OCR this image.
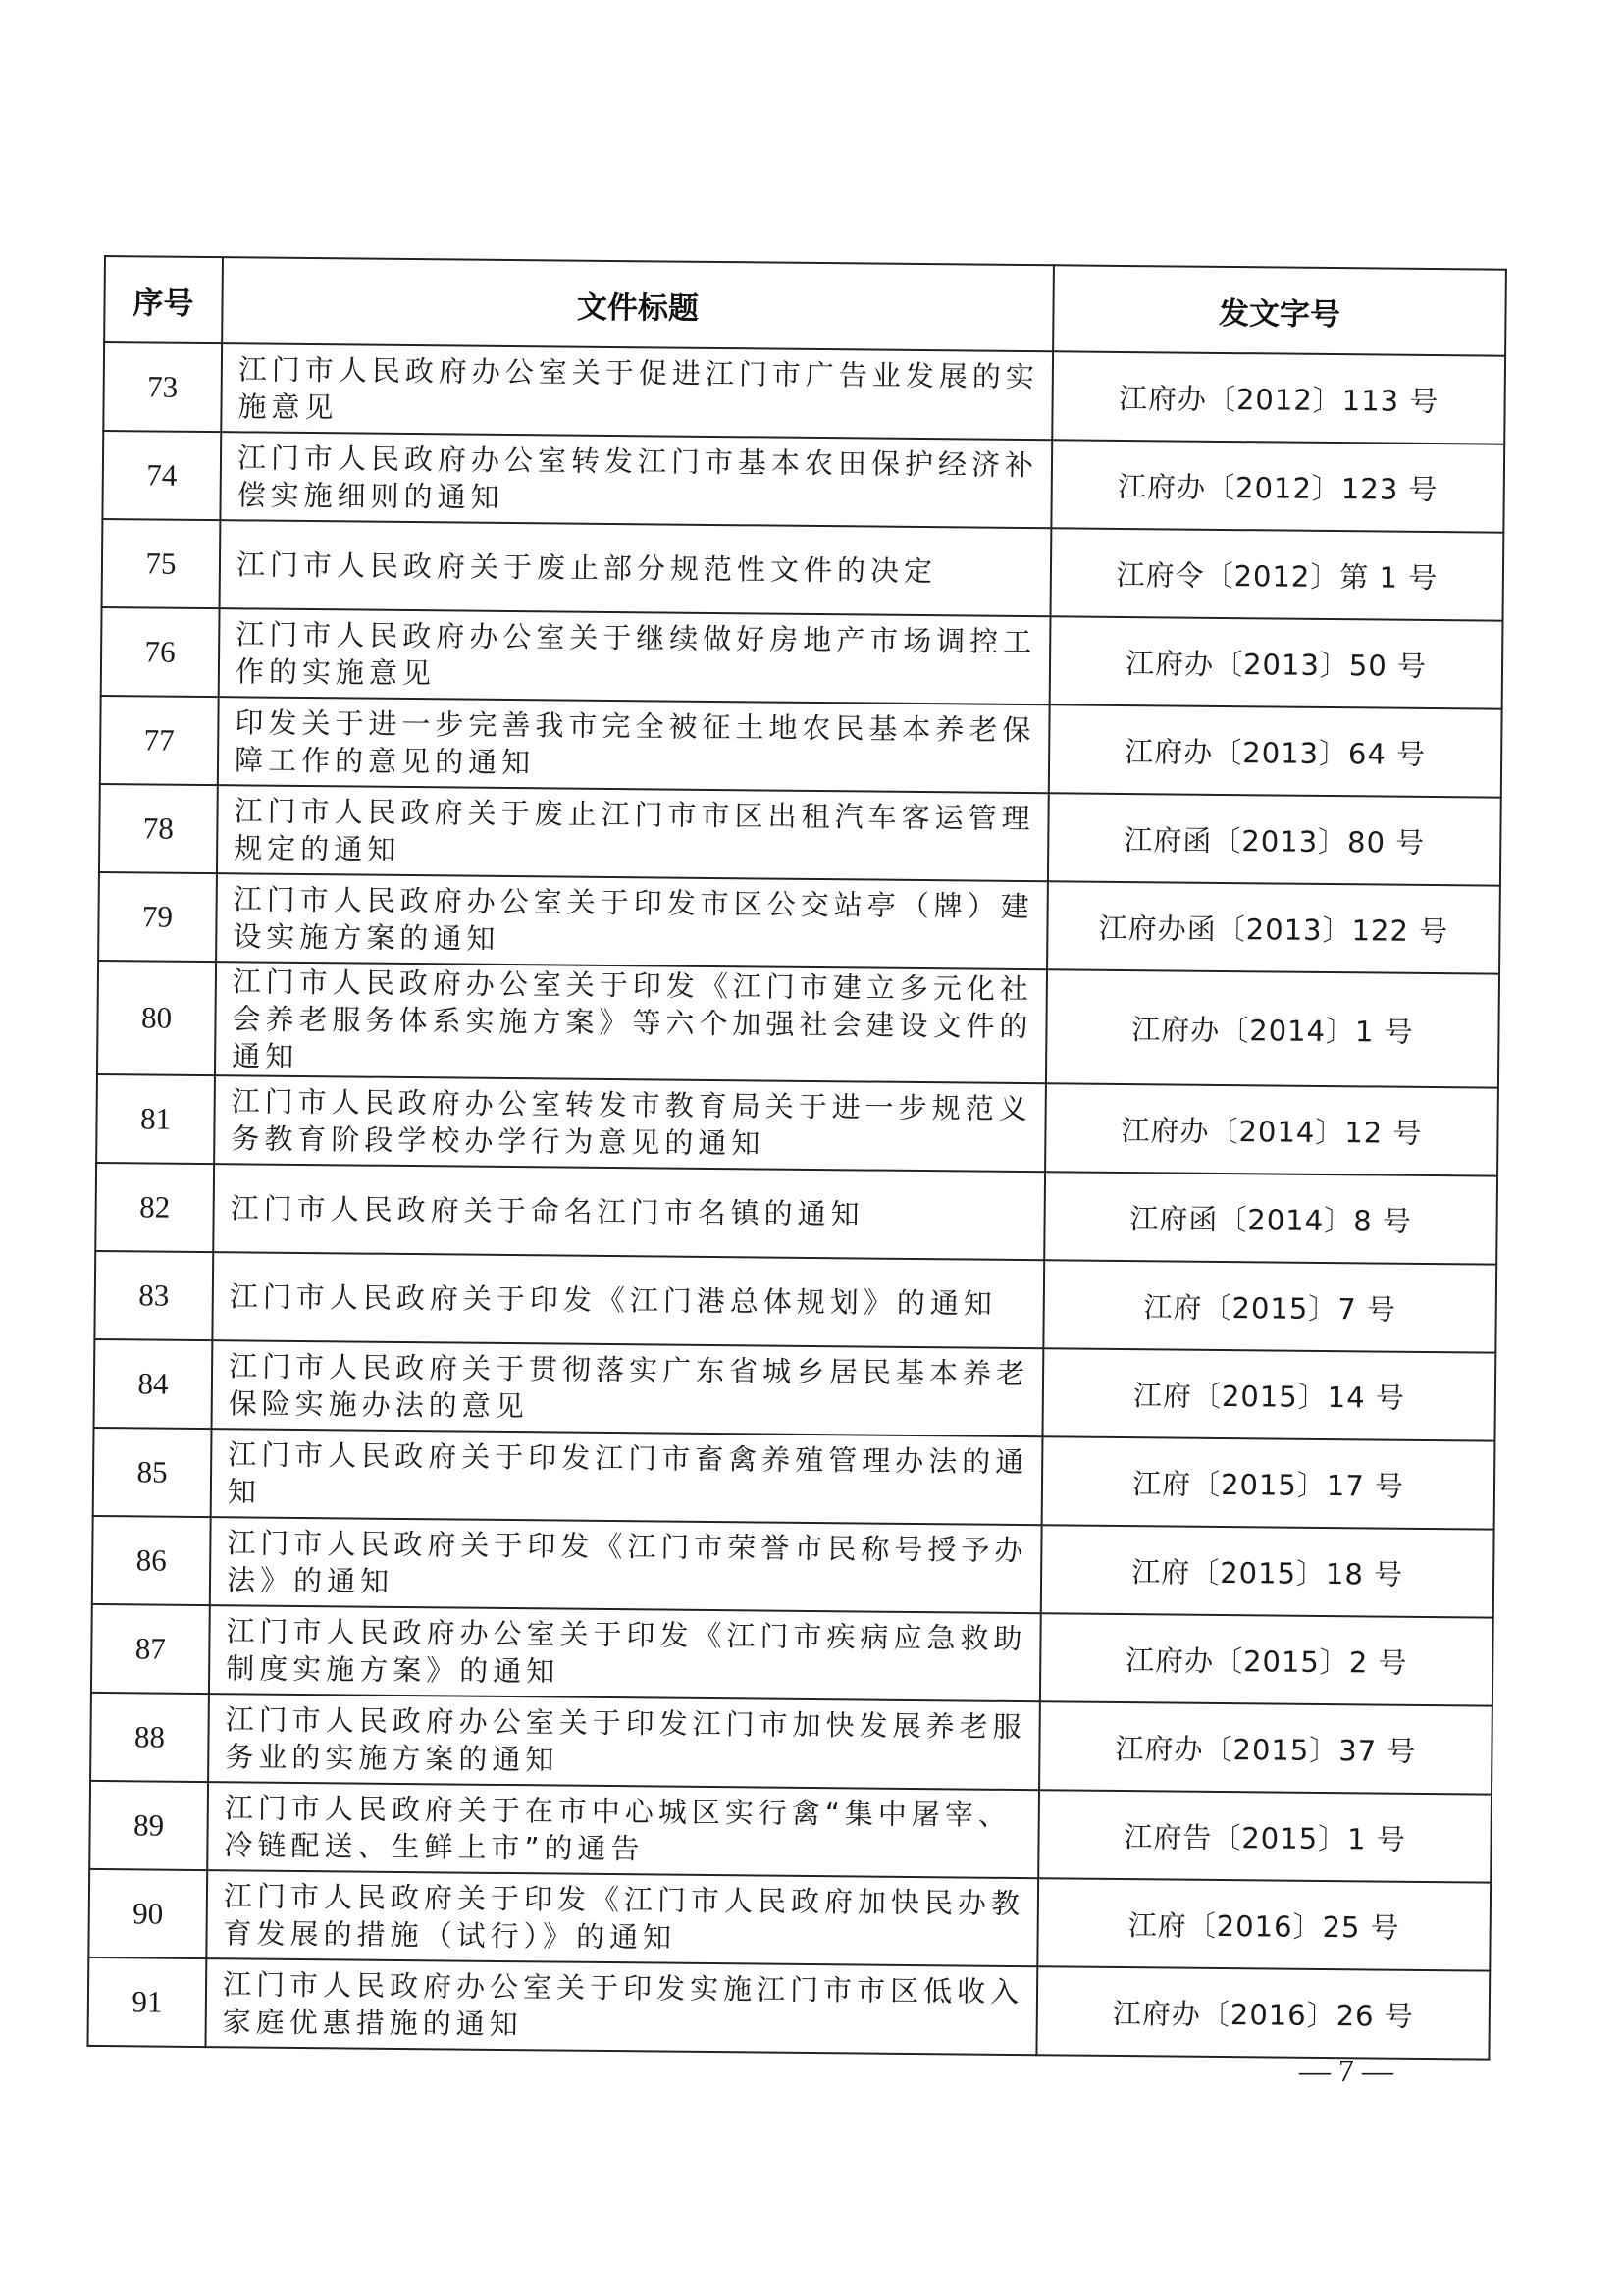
序号	文件标题	发文字号
73	江门市人民政府办公室关于促进江门市广告业发展的实施意见	江府办〔2012〕113 号
74	江门市人民政府办公室转发江门市基本农田保护经济补偿实施细则的通知	江府办〔2012〕123 号
75	江门市人民政府关于废止部分规范性文件的决定	江府令〔2012〕第 1 号
76	江门市人民政府办公室关于继续做好房地产市场调控工作的实施意见	江府办〔2013〕50 号
77	印发关于进一步完善我市完全被征土地农民基本养老保障工作的意见的通知	江府办〔2013〕64 号
78	江门市人民政府关于废止江门市市区出租汽车客运管理规定的通知	江府函〔2013〕80 号
79	江门市人民政府办公室关于印发市区公交站亭（牌）建设实施方案的通知	江府办函〔2013〕122 号
80	江门市人民政府办公室关于印发《江门市建立多元化社会养老服务体系实施方案》等六个加强社会建设文件的通知	江府办〔2014〕1 号
81	江门市人民政府办公室转发市教育局关于进一步规范义务教育阶段学校办学行为意见的通知	江府办〔2014〕12 号
82	江门市人民政府关于命名江门市名镇的通知	江府函〔2014〕8 号
83	江门市人民政府关于印发《江门港总体规划》的通知	江府〔2015〕7 号
84	江门市人民政府关于贯彻落实广东省城乡居民基本养老保险实施办法的意见	江府〔2015〕14 号
85	江门市人民政府关于印发江门市畜禽养殖管理办法的通知	江府〔2015〕17 号
86	江门市人民政府关于印发《江门市荣誉市民称号授予办法》的通知	江府〔2015〕18 号
87	江门市人民政府办公室关于印发《江门市疾病应急救助制度实施方案》的通知	江府办〔2015〕2 号
88	江门市人民政府办公室关于印发江门市加快发展养老服务业的实施方案的通知	江府办〔2015〕37 号
89	江门市人民政府关于在市中心城区实行禽“集中屠宰、冷链配送、生鲜上市”的通告	江府告〔2015〕1 号
90	江门市人民政府关于印发《江门市人民政府加快民办教育发展的措施（试行）》的通知	江府〔2016〕25 号
91	江门市人民政府办公室关于印发实施江门市市区低收入家庭优惠措施的通知	江府办〔2016〕26 号
— 7 —
